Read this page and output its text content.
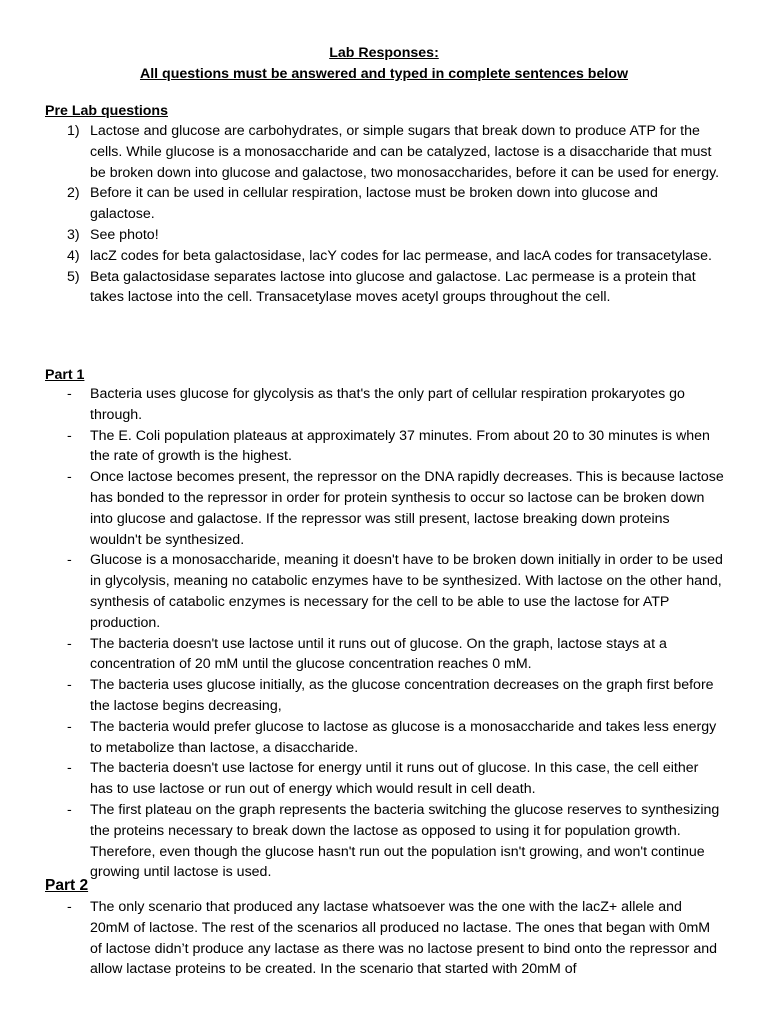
Lab Responses:
All questions must be answered and typed in complete sentences below
Pre Lab questions
1) Lactose and glucose are carbohydrates, or simple sugars that break down to produce ATP for the cells. While glucose is a monosaccharide and can be catalyzed, lactose is a disaccharide that must be broken down into glucose and galactose, two monosaccharides, before it can be used for energy.
2) Before it can be used in cellular respiration, lactose must be broken down into glucose and galactose.
3) See photo!
4) lacZ codes for beta galactosidase, lacY codes for lac permease, and lacA codes for transacetylase.
5) Beta galactosidase separates lactose into glucose and galactose. Lac permease is a protein that takes lactose into the cell. Transacetylase moves acetyl groups throughout the cell.
Part 1
- Bacteria uses glucose for glycolysis as that's the only part of cellular respiration prokaryotes go through.
- The E. Coli population plateaus at approximately 37 minutes. From about 20 to 30 minutes is when the rate of growth is the highest.
- Once lactose becomes present, the repressor on the DNA rapidly decreases. This is because lactose has bonded to the repressor in order for protein synthesis to occur so lactose can be broken down into glucose and galactose. If the repressor was still present, lactose breaking down proteins wouldn't be synthesized.
- Glucose is a monosaccharide, meaning it doesn't have to be broken down initially in order to be used in glycolysis, meaning no catabolic enzymes have to be synthesized. With lactose on the other hand, synthesis of catabolic enzymes is necessary for the cell to be able to use the lactose for ATP production.
- The bacteria doesn't use lactose until it runs out of glucose. On the graph, lactose stays at a concentration of 20 mM until the glucose concentration reaches 0 mM.
- The bacteria uses glucose initially, as the glucose concentration decreases on the graph first before the lactose begins decreasing,
- The bacteria would prefer glucose to lactose as glucose is a monosaccharide and takes less energy to metabolize than lactose, a disaccharide.
- The bacteria doesn't use lactose for energy until it runs out of glucose. In this case, the cell either has to use lactose or run out of energy which would result in cell death.
- The first plateau on the graph represents the bacteria switching the glucose reserves to synthesizing the proteins necessary to break down the lactose as opposed to using it for population growth. Therefore, even though the glucose hasn't run out the population isn't growing, and won't continue growing until lactose is used.
Part 2
- The only scenario that produced any lactase whatsoever was the one with the lacZ+ allele and 20mM of lactose. The rest of the scenarios all produced no lactase. The ones that began with 0mM of lactose didn’t produce any lactase as there was no lactose present to bind onto the repressor and allow lactase proteins to be created. In the scenario that started with 20mM of
